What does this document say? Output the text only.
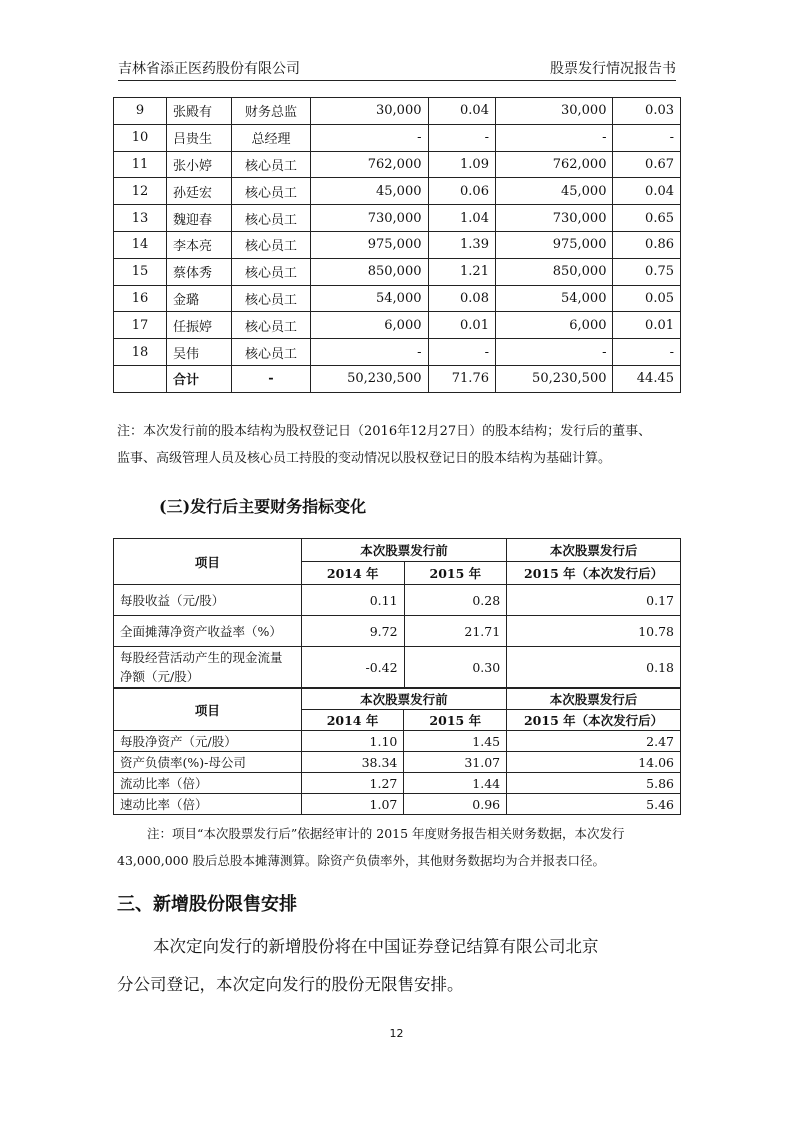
吉林省添正医药股份有限公司	股票发行情况报告书
9	张殿有	财务总监	30,000	0.04	30,000	0.03
10	吕贵生	总经理	-	-	-	-
11	张小婷	核心员工	762,000	1.09	762,000	0.67
12	孙廷宏	核心员工	45,000	0.06	45,000	0.04
13	魏迎春	核心员工	730,000	1.04	730,000	0.65
14	李本亮	核心员工	975,000	1.39	975,000	0.86
15	蔡体秀	核心员工	850,000	1.21	850,000	0.75
16	金璐	核心员工	54,000	0.08	54,000	0.05
17	任振婷	核心员工	6,000	0.01	6,000	0.01
18	吴伟	核心员工	-	-	-	-
	合计	-	50,230,500	71.76	50,230,500	44.45
注：本次发行前的股本结构为股权登记日（2016年12月27日）的股本结构；发行后的董事、
监事、高级管理人员及核心员工持股的变动情况以股权登记日的股本结构为基础计算。
(三)发行后主要财务指标变化
项目	本次股票发行前		本次股票发行后
	2014 年	2015 年	2015 年（本次发行后）
每股收益（元/股）	0.11	0.28	0.17
全面摊薄净资产收益率（%）	9.72	21.71	10.78
每股经营活动产生的现金流量净额（元/股）	-0.42	0.30	0.18
项目	本次股票发行前		本次股票发行后
	2014 年	2015 年	2015 年（本次发行后）
每股净资产（元/股）	1.10	1.45	2.47
资产负债率(%)-母公司	38.34	31.07	14.06
流动比率（倍）	1.27	1.44	5.86
速动比率（倍）	1.07	0.96	5.46
注：项目“本次股票发行后”依据经审计的 2015 年度财务报告相关财务数据，本次发行
43,000,000 股后总股本摊薄测算。除资产负债率外，其他财务数据均为合并报表口径。
三、新增股份限售安排
本次定向发行的新增股份将在中国证券登记结算有限公司北京
分公司登记，本次定向发行的股份无限售安排。
12
